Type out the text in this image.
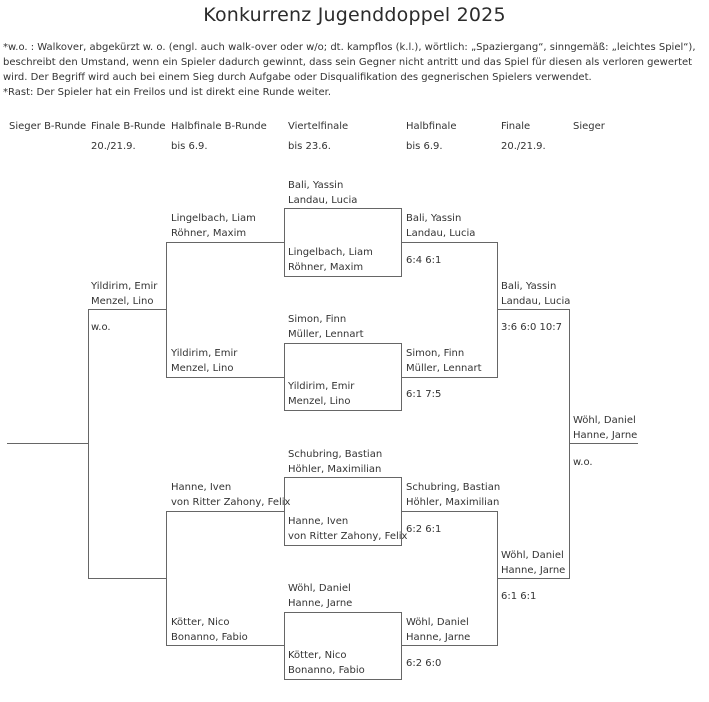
Konkurrenz Jugenddoppel 2025
*w.o. : Walkover, abgekürzt w. o. (engl. auch walk-over oder w/o; dt. kampflos (k.l.), wörtlich: „Spaziergang“, sinngemäß: „leichtes Spiel“), beschreibt den Umstand, wenn ein Spieler dadurch gewinnt, dass sein Gegner nicht antritt und das Spiel für diesen als verloren gewertet wird. Der Begriff wird auch bei einem Sieg durch Aufgabe oder Disqualifikation des gegnerischen Spielers verwendet.
*Rast: Der Spieler hat ein Freilos und ist direkt eine Runde weiter.
Sieger B-Runde Finale B-Runde
20./21.9.
Halbfinale B-Runde
bis 6.9.
Viertelfinale
bis 23.6.
Halbfinale
bis 6.9.
Finale
20./21.9.
Sieger
Bali, Yassin
Landau, Lucia
Lingelbach, Liam
Röhner, Maxim
Simon, Finn
Müller, Lennart
Yildirim, Emir
Menzel, Lino
Schubring, Bastian
Höhler, Maximilian
Hanne, Iven
von Ritter Zahony, Felix
Wöhl, Daniel
Hanne, Jarne
Kötter, Nico
Bonanno, Fabio
Bali, Yassin
Landau, Lucia
6:4 6:1
Simon, Finn
Müller, Lennart
6:1 7:5
Schubring, Bastian
Höhler, Maximilian
6:2 6:1
Wöhl, Daniel
Hanne, Jarne
6:2 6:0
Bali, Yassin
Landau, Lucia
3:6 6:0 10:7
Wöhl, Daniel
Hanne, Jarne
6:1 6:1
Wöhl, Daniel
Hanne, Jarne
w.o.
Lingelbach, Liam
Röhner, Maxim
Yildirim, Emir
Menzel, Lino
Hanne, Iven
von Ritter Zahony, Felix
Kötter, Nico
Bonanno, Fabio
Yildirim, Emir
Menzel, Lino
w.o.
